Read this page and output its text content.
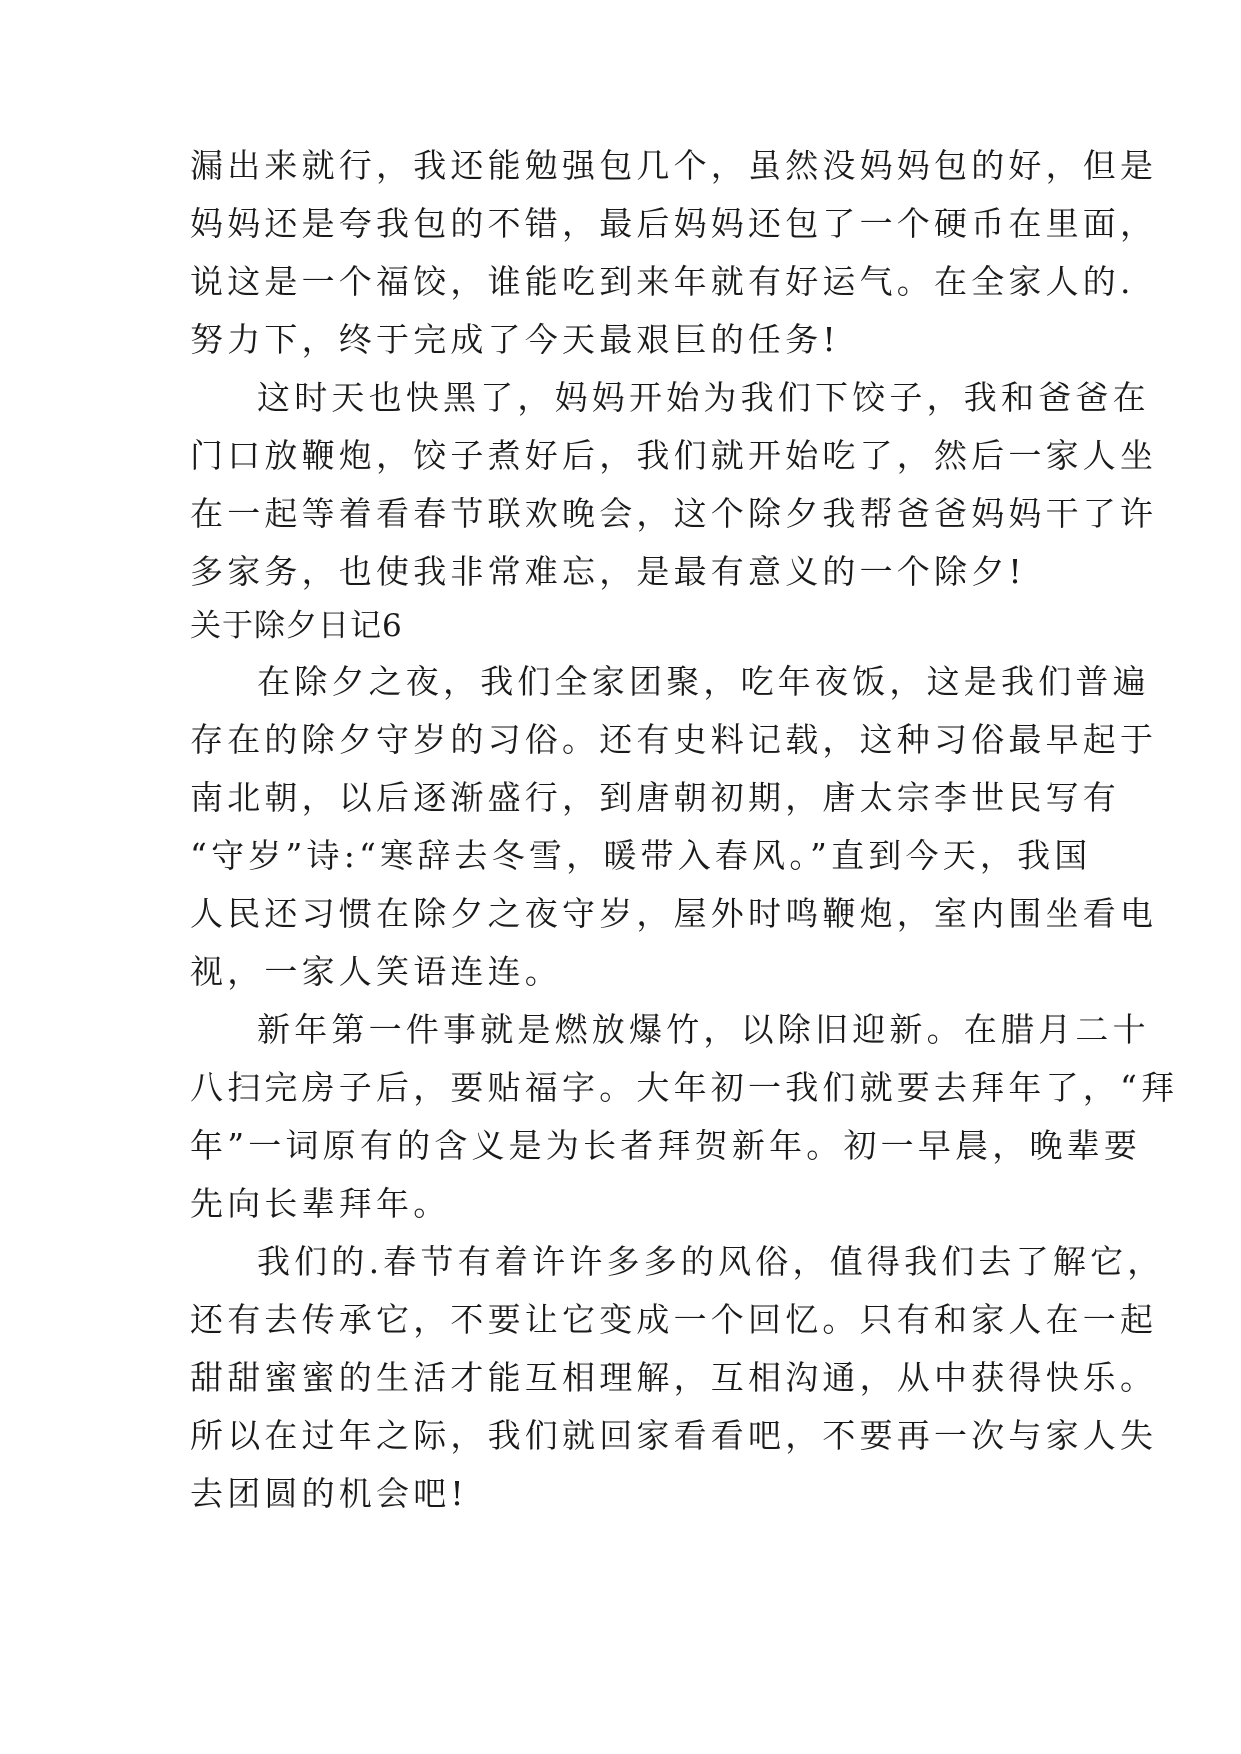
漏出来就行，我还能勉强包几个，虽然没妈妈包的好，但是
妈妈还是夸我包的不错，最后妈妈还包了一个硬币在里面，
说这是一个福饺，谁能吃到来年就有好运气。在全家人的.
努力下，终于完成了今天最艰巨的任务!
这时天也快黑了，妈妈开始为我们下饺子，我和爸爸在
门口放鞭炮，饺子煮好后，我们就开始吃了，然后一家人坐
在一起等着看春节联欢晚会，这个除夕我帮爸爸妈妈干了许
多家务，也使我非常难忘，是最有意义的一个除夕!
关于除夕日记6
在除夕之夜，我们全家团聚，吃年夜饭，这是我们普遍
存在的除夕守岁的习俗。还有史料记载，这种习俗最早起于
南北朝，以后逐渐盛行，到唐朝初期，唐太宗李世民写有
“守岁”诗:“寒辞去冬雪，暖带入春风。”直到今天，我国
人民还习惯在除夕之夜守岁，屋外时鸣鞭炮，室内围坐看电
视，一家人笑语连连。
新年第一件事就是燃放爆竹，以除旧迎新。在腊月二十
八扫完房子后，要贴福字。大年初一我们就要去拜年了，“拜
年”一词原有的含义是为长者拜贺新年。初一早晨，晚辈要
先向长辈拜年。
我们的.春节有着许许多多的风俗，值得我们去了解它，
还有去传承它，不要让它变成一个回忆。只有和家人在一起
甜甜蜜蜜的生活才能互相理解，互相沟通，从中获得快乐。
所以在过年之际，我们就回家看看吧，不要再一次与家人失
去团圆的机会吧!
